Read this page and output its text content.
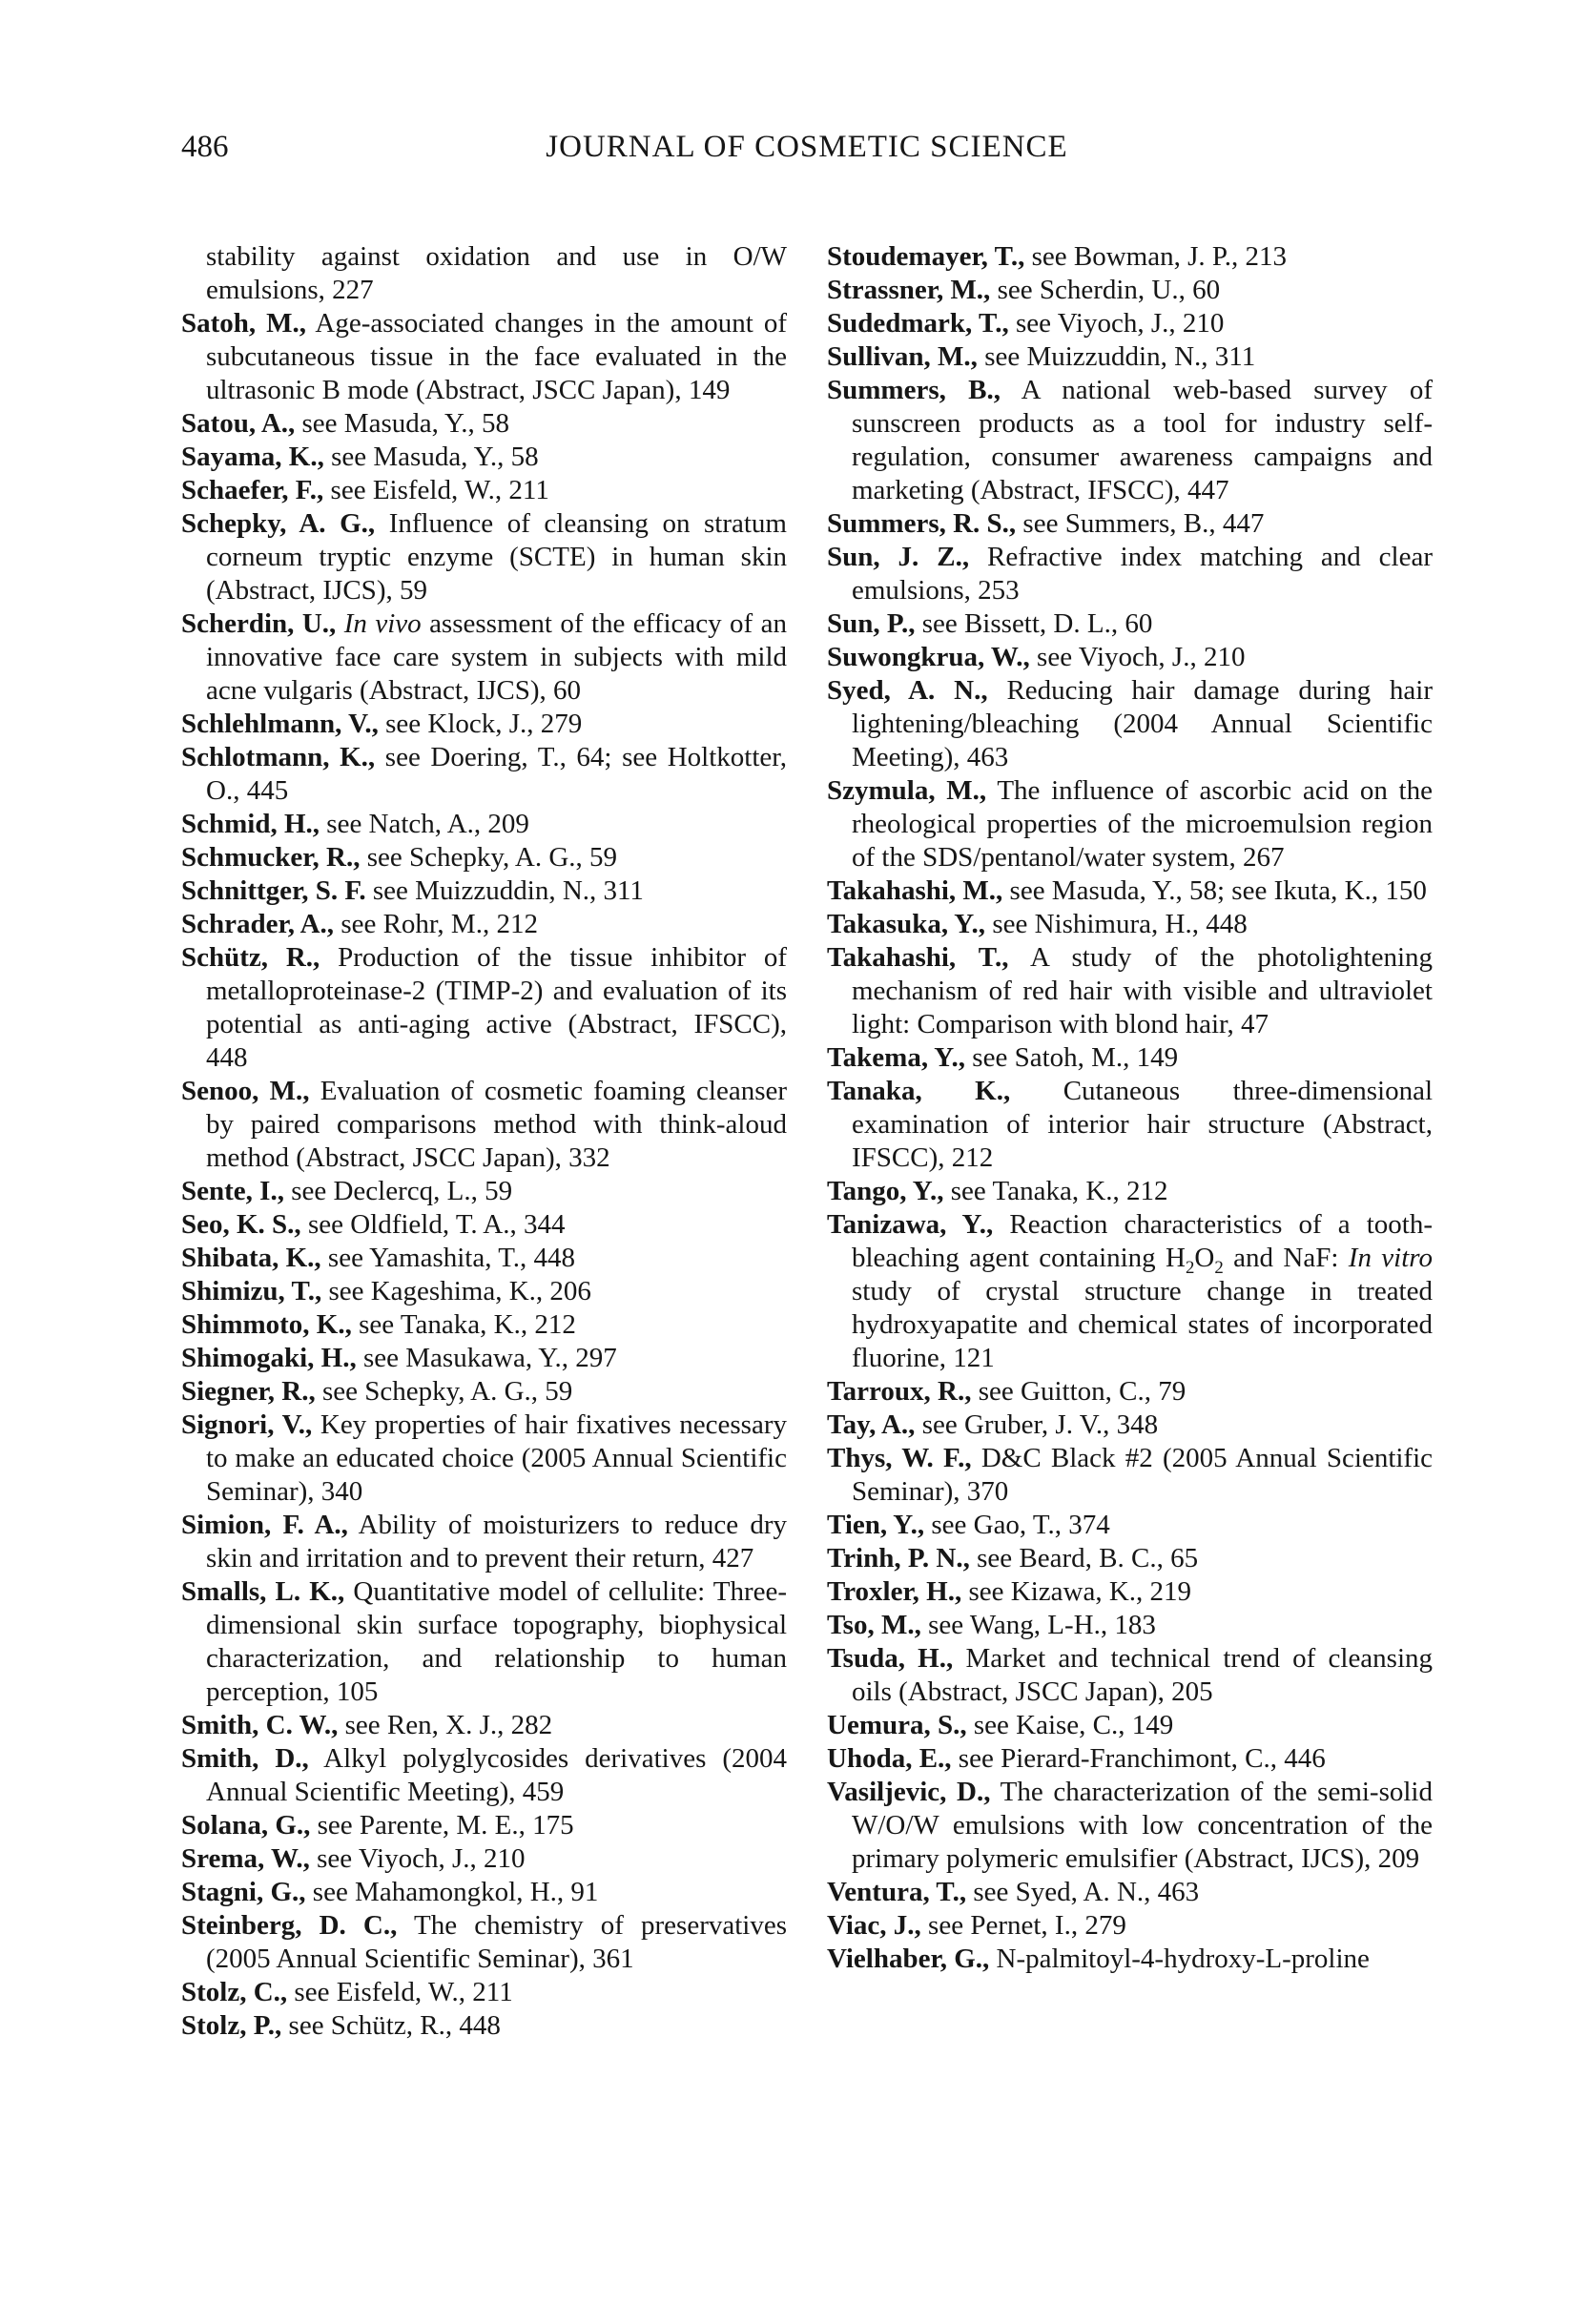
486	JOURNAL OF COSMETIC SCIENCE

stability against oxidation and use in O/W emulsions, 227

Satoh, M., Age-associated changes in the amount of subcutaneous tissue in the face evaluated in the ultrasonic B mode (Abstract, JSCC Japan), 149

Satou, A., see Masuda, Y., 58

Sayama, K., see Masuda, Y., 58

Schaefer, F., see Eisfeld, W., 211

Schepky, A. G., Influence of cleansing on stratum corneum tryptic enzyme (SCTE) in human skin (Abstract, IJCS), 59

Scherdin, U., In vivo assessment of the efficacy of an innovative face care system in subjects with mild acne vulgaris (Abstract, IJCS), 60

Schlehlmann, V., see Klock, J., 279

Schlotmann, K., see Doering, T., 64; see Holtkotter, O., 445

Schmid, H., see Natch, A., 209

Schmucker, R., see Schepky, A. G., 59

Schnittger, S. F. see Muizzuddin, N., 311

Schrader, A., see Rohr, M., 212

Schütz, R., Production of the tissue inhibitor of metalloproteinase-2 (TIMP-2) and evaluation of its potential as anti-aging active (Abstract, IFSCC), 448

Senoo, M., Evaluation of cosmetic foaming cleanser by paired comparisons method with think-aloud method (Abstract, JSCC Japan), 332

Sente, I., see Declercq, L., 59

Seo, K. S., see Oldfield, T. A., 344

Shibata, K., see Yamashita, T., 448

Shimizu, T., see Kageshima, K., 206

Shimmoto, K., see Tanaka, K., 212

Shimogaki, H., see Masukawa, Y., 297

Siegner, R., see Schepky, A. G., 59

Signori, V., Key properties of hair fixatives necessary to make an educated choice (2005 Annual Scientific Seminar), 340

Simion, F. A., Ability of moisturizers to reduce dry skin and irritation and to prevent their return, 427

Smalls, L. K., Quantitative model of cellulite: Three-dimensional skin surface topography, biophysical characterization, and relationship to human perception, 105

Smith, C. W., see Ren, X. J., 282

Smith, D., Alkyl polyglycosides derivatives (2004 Annual Scientific Meeting), 459

Solana, G., see Parente, M. E., 175

Srema, W., see Viyoch, J., 210

Stagni, G., see Mahamongkol, H., 91

Steinberg, D. C., The chemistry of preservatives (2005 Annual Scientific Seminar), 361

Stolz, C., see Eisfeld, W., 211

Stolz, P., see Schütz, R., 448

Stoudemayer, T., see Bowman, J. P., 213

Strassner, M., see Scherdin, U., 60

Sudedmark, T., see Viyoch, J., 210

Sullivan, M., see Muizzuddin, N., 311

Summers, B., A national web-based survey of sunscreen products as a tool for industry self-regulation, consumer awareness campaigns and marketing (Abstract, IFSCC), 447

Summers, R. S., see Summers, B., 447

Sun, J. Z., Refractive index matching and clear emulsions, 253

Sun, P., see Bissett, D. L., 60

Suwongkrua, W., see Viyoch, J., 210

Syed, A. N., Reducing hair damage during hair lightening/bleaching (2004 Annual Scientific Meeting), 463

Szymula, M., The influence of ascorbic acid on the rheological properties of the microemulsion region of the SDS/pentanol/​water system, 267

Takahashi, M., see Masuda, Y., 58; see Ikuta, K., 150

Takasuka, Y., see Nishimura, H., 448

Takahashi, T., A study of the photolightening mechanism of red hair with visible and ultraviolet light: Comparison with blond hair, 47

Takema, Y., see Satoh, M., 149

Tanaka, K., Cutaneous three-dimensional examination of interior hair structure (Abstract, IFSCC), 212

Tango, Y., see Tanaka, K., 212

Tanizawa, Y., Reaction characteristics of a tooth-bleaching agent containing $H_2O_2$ and NaF: In vitro study of crystal structure change in treated hydroxyapatite and chemical states of incorporated fluorine, 121

Tarroux, R., see Guitton, C., 79

Tay, A., see Gruber, J. V., 348

Thys, W. F., D&C Black #2 (2005 Annual Scientific Seminar), 370

Tien, Y., see Gao, T., 374

Trinh, P. N., see Beard, B. C., 65

Troxler, H., see Kizawa, K., 219

Tso, M., see Wang, L-H., 183

Tsuda, H., Market and technical trend of cleansing oils (Abstract, JSCC Japan), 205

Uemura, S., see Kaise, C., 149

Uhoda, E., see Pierard-Franchimont, C., 446

Vasiljevic, D., The characterization of the semi-solid W/O/W emulsions with low concentration of the primary polymeric emulsifier (Abstract, IJCS), 209

Ventura, T., see Syed, A. N., 463

Viac, J., see Pernet, I., 279

Vielhaber, G., N-palmitoyl-4-hydroxy-L-proline
